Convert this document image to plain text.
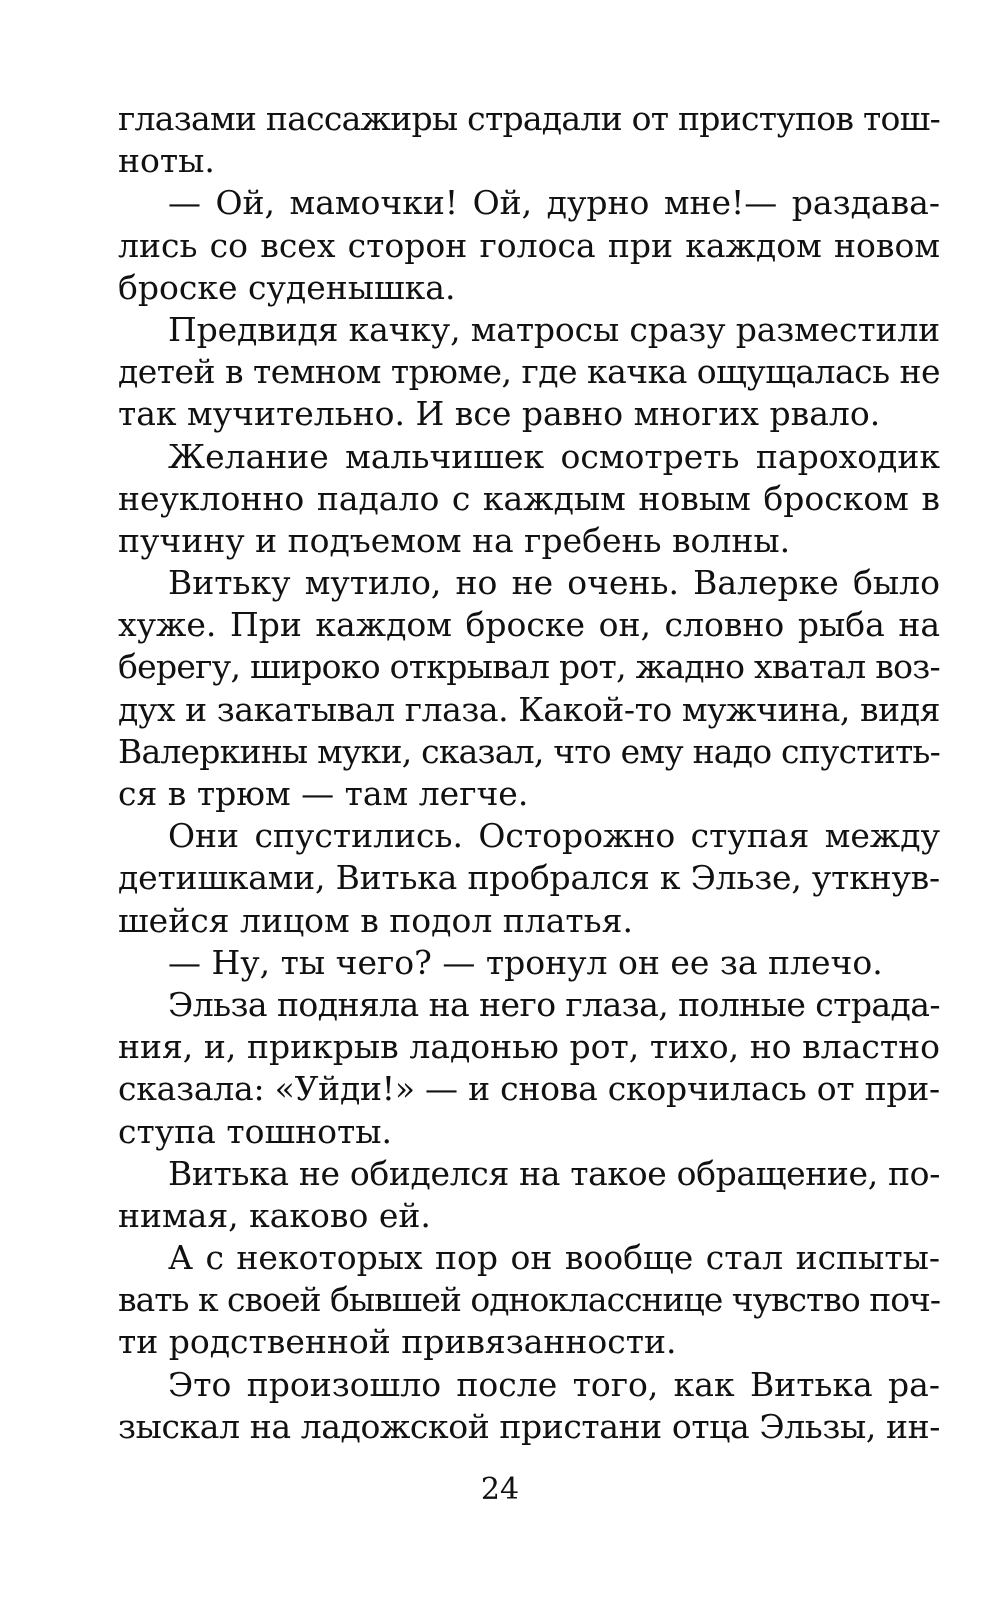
глазами пассажиры страдали от приступов тош-
ноты.
— Ой, мамочки! Ой, дурно мне!— раздава-
лись со всех сторон голоса при каждом новом
броске суденышка.
Предвидя качку, матросы сразу разместили
детей в темном трюме, где качка ощущалась не
так мучительно. И все равно многих рвало.
Желание мальчишек осмотреть пароходик
неуклонно падало с каждым новым броском в
пучину и подъемом на гребень волны.
Витьку мутило, но не очень. Валерке было
хуже. При каждом броске он, словно рыба на
берегу, широко открывал рот, жадно хватал воз-
дух и закатывал глаза. Какой-то мужчина, видя
Валеркины муки, сказал, что ему надо спустить-
ся в трюм — там легче.
Они спустились. Осторожно ступая между
детишками, Витька пробрался к Эльзе, уткнув-
шейся лицом в подол платья.
— Ну, ты чего? — тронул он ее за плечо.
Эльза подняла на него глаза, полные страда-
ния, и, прикрыв ладонью рот, тихо, но властно
сказала: «Уйди!» — и снова скорчилась от при-
ступа тошноты.
Витька не обиделся на такое обращение, по-
нимая, каково ей.
А с некоторых пор он вообще стал испыты-
вать к своей бывшей однокласснице чувство поч-
ти родственной привязанности.
Это произошло после того, как Витька ра-
зыскал на ладожской пристани отца Эльзы, ин-
24
